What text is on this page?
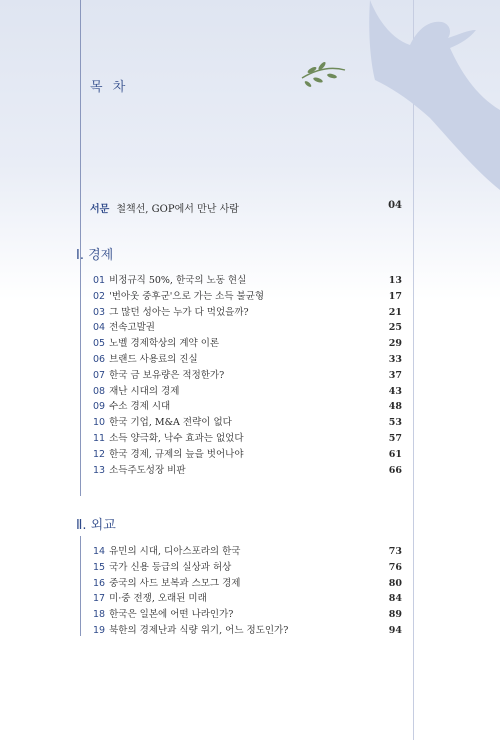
목 차
서문 철책선, GOP에서 만난 사람	04
Ⅰ. 경제
01 비정규직 50%, 한국의 노동 현실	13
02 '번아웃 중후군'으로 가는 소득 불균형	17
03 그 많던 성아는 누가 다 먹었을까?	21
04 전속고발권	25
05 노벨 경제학상의 계약 이론	29
06 브랜드 사용료의 진실	33
07 한국 금 보유량은 적정한가?	37
08 재난 시대의 경제	43
09 수소 경제 시대	48
10 한국 기업, M&A 전략이 없다	53
11 소득 양극화, 낙수 효과는 없었다	57
12 한국 경제, 규제의 늪을 벗어나야	61
13 소득주도성장 비판	66
Ⅱ. 외교
14 유민의 시대, 디아스포라의 한국	73
15 국가 신용 등급의 실상과 허상	76
16 중국의 사드 보복과 스모그 경제	80
17 미·중 전쟁, 오래된 미래	84
18 한국은 일본에 어떤 나라인가?	89
19 북한의 경제난과 식량 위기, 어느 정도인가?	94
